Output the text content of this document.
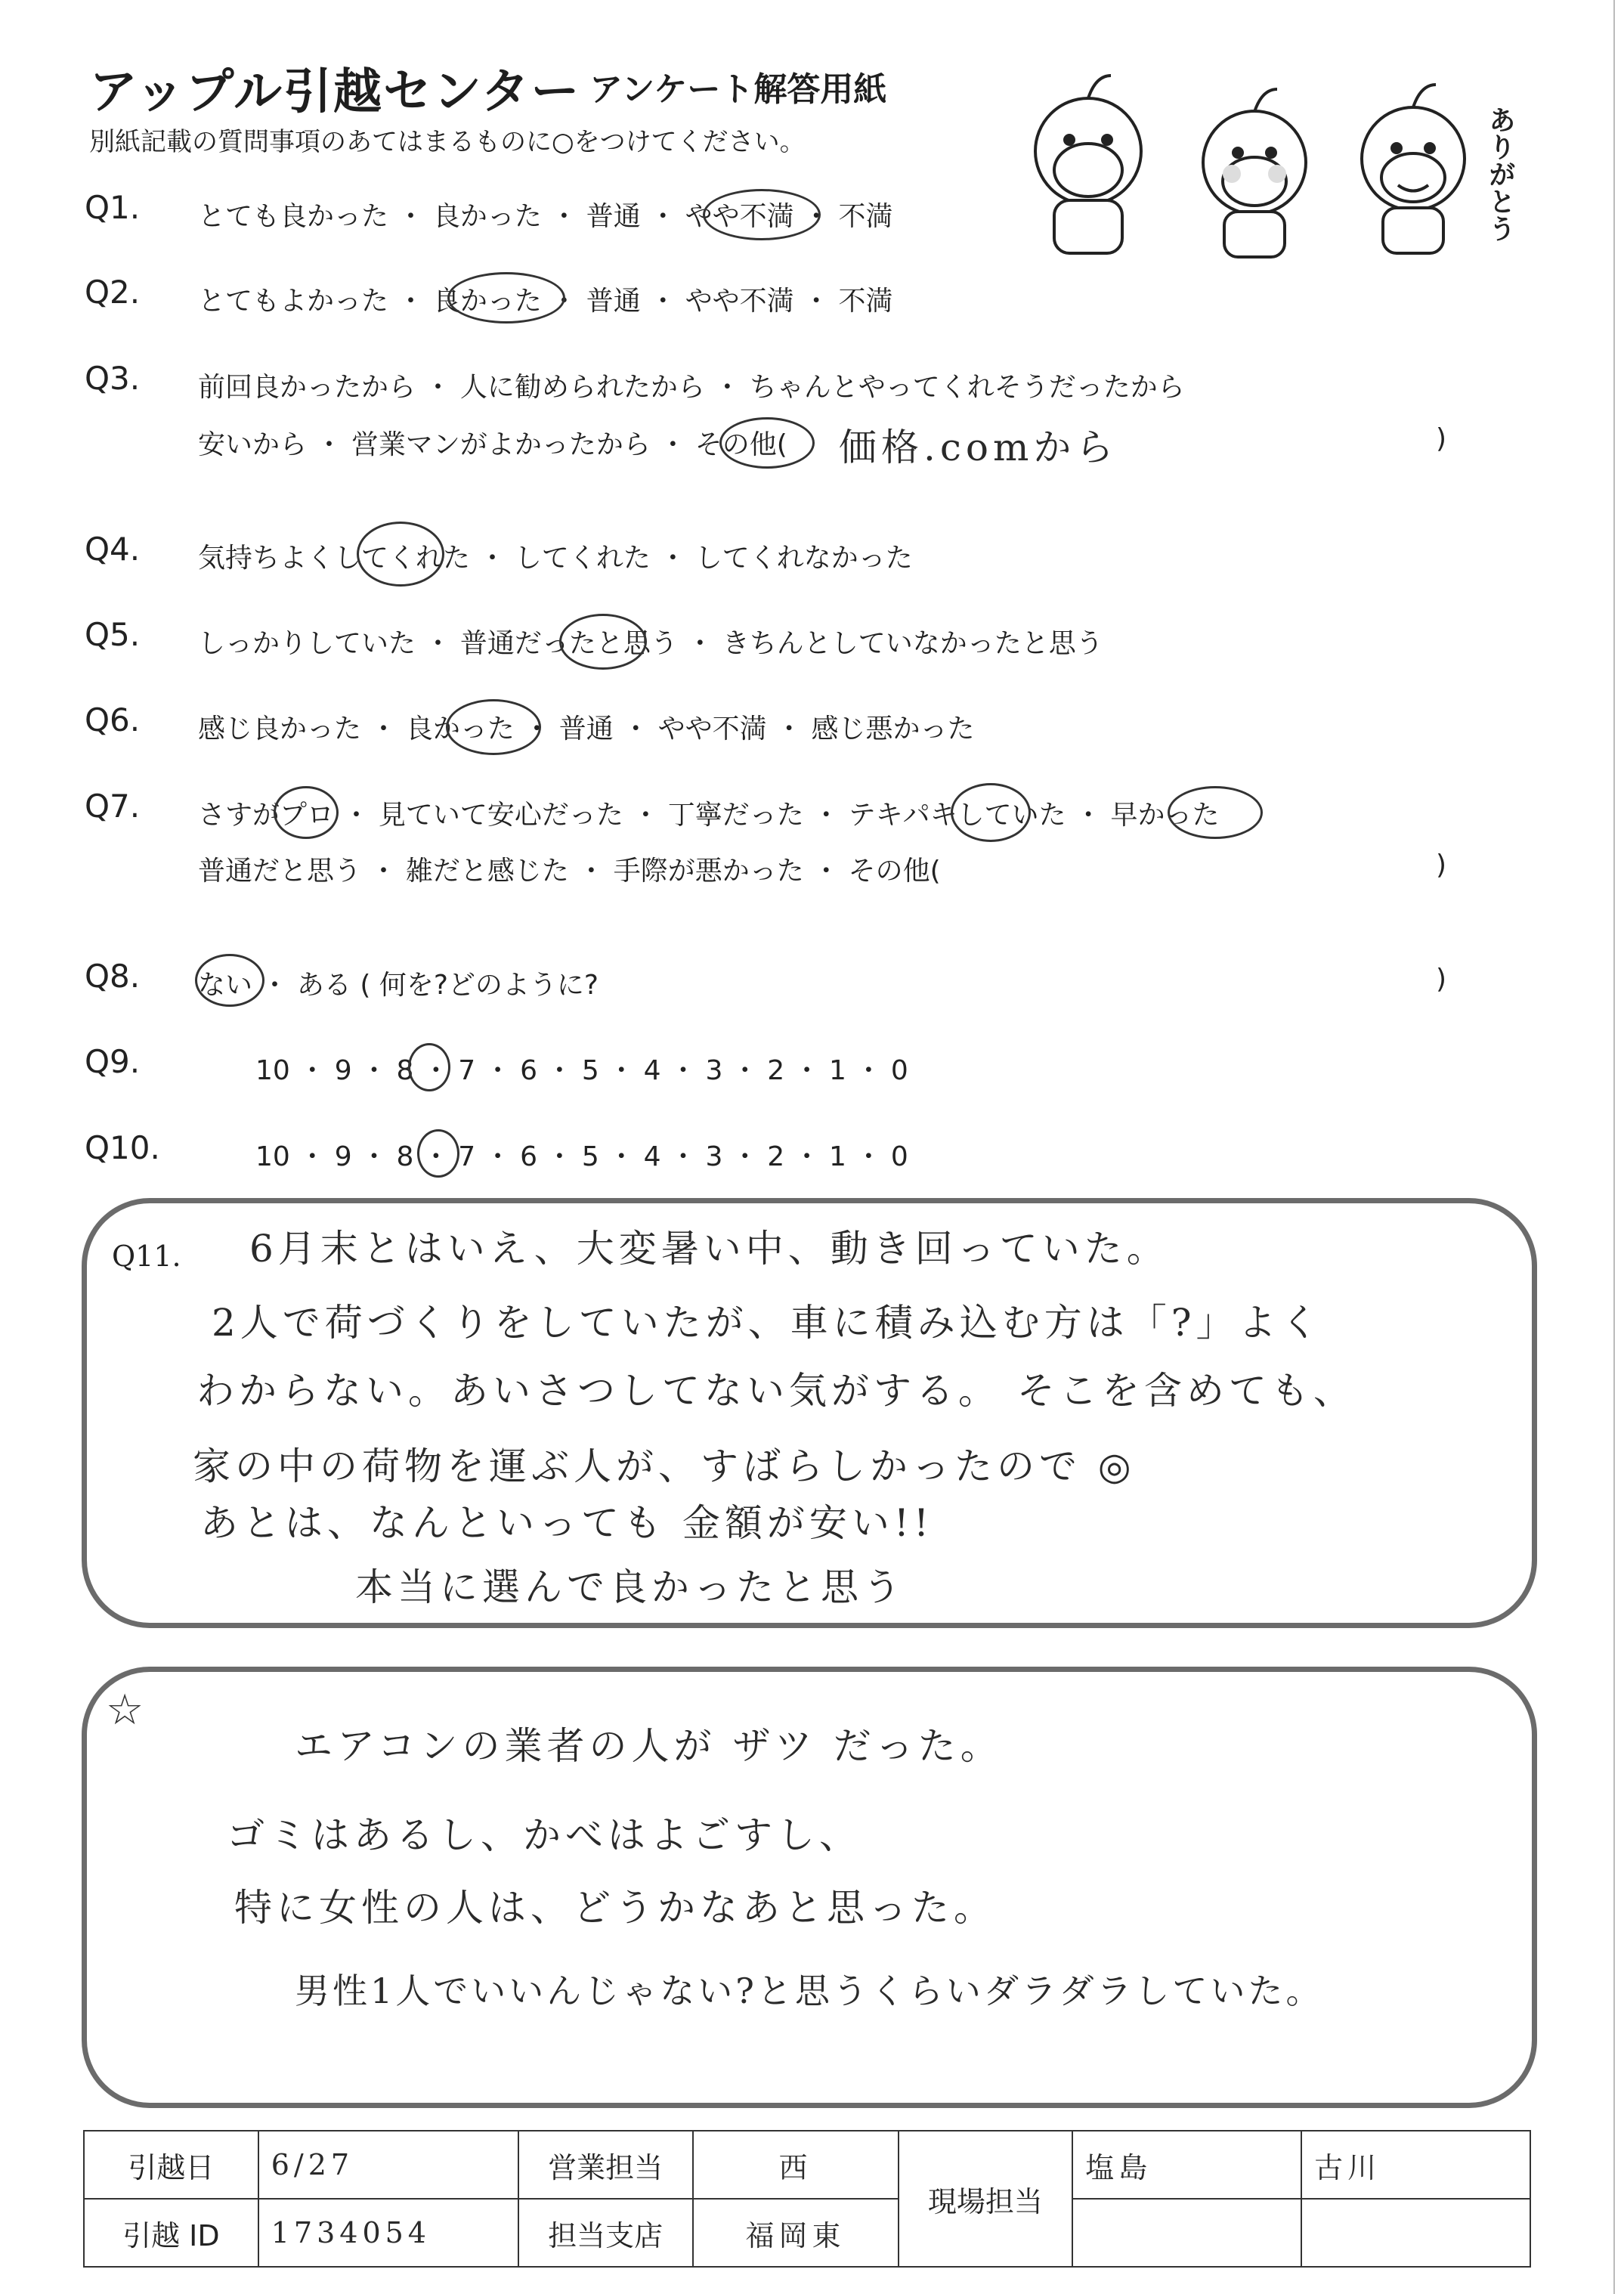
アップル引越センター アンケート解答用紙
別紙記載の質問事項のあてはまるものに○をつけてください。	ありがとう
Q1. とても良かった ・ 良かった ・ 普通 ・ やや不満 ・ 不満
Q2. とてもよかった ・ 良かった ・ 普通 ・ やや不満 ・ 不満
Q3. 前回良かったから ・ 人に勧められたから ・ ちゃんとやってくれそうだったから
安いから ・ 営業マンがよかったから ・ その他(	)
価格.comから
Q4. 気持ちよくしてくれた ・ してくれた ・ してくれなかった
Q5. しっかりしていた ・ 普通だったと思う ・ きちんとしていなかったと思う
Q6. 感じ良かった ・ 良かった ・ 普通 ・ やや不満 ・ 感じ悪かった
Q7. さすがプロ ・ 見ていて安心だった ・ 丁寧だった ・ テキパキしていた ・ 早かった
普通だと思う ・ 雑だと感じた ・ 手際が悪かった ・ その他(	)
Q8. ない ・ ある ( 何を?どのように?	)
Q9.	10 ・ 9 ・ 8 ・ 7 ・ 6 ・ 5 ・ 4 ・ 3 ・ 2 ・ 1 ・ 0
Q10.	10 ・ 9 ・ 8 ・ 7 ・ 6 ・ 5 ・ 4 ・ 3 ・ 2 ・ 1 ・ 0
Q11. 6月末とはいえ、大変暑い中、動き回っていた。
2人で荷づくりをしていたが、車に積み込む方は「?」よく
わからない。あいさつしてない気がする。 そこを含めても、
家の中の荷物を運ぶ人が、すばらしかったので ◎
あとは、なんといっても 金額が安い!!
本当に選んで良かったと思う
☆
エアコンの業者の人が ザツ だった。
ゴミはあるし、かべはよごすし、
特に女性の人は、どうかなあと思った。
男性1人でいいんじゃない?と思うくらいダラダラしていた。
引越日	6/27	営業担当	西	現場担当	塩島	古川
引越 ID	1734054	担当支店	福岡東			
